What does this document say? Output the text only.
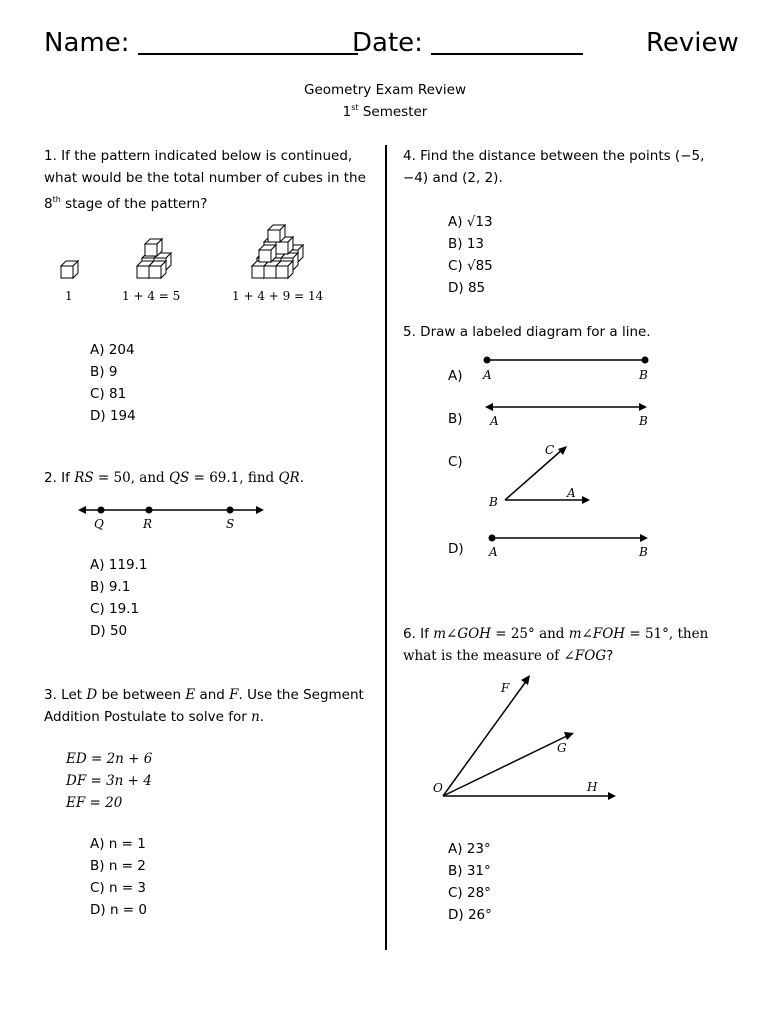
Name:	Date:	Review
Geometry Exam Review
1st Semester
1. If the pattern indicated below is continued, what would be the total number of cubes in the 8th stage of the pattern?
1	1 + 4 = 5	1 + 4 + 9 = 14
A) 204
B) 9
C) 81
D) 194
2. If RS = 50, and QS = 69.1, find QR.
Q	R	S
A) 119.1
B) 9.1
C) 19.1
D) 50
3. Let D be between E and F. Use the Segment Addition Postulate to solve for n.
ED = 2n + 6
DF = 3n + 4
EF = 20
A) n = 1
B) n = 2
C) n = 3
D) n = 0
4. Find the distance between the points (−5, −4) and (2, 2).
A) √13
B) 13
C) √85
D) 85
5. Draw a labeled diagram for a line.
A)
B)
C)
D)
A	B
A	B
C
B
A
A	B
6. If m∠GOH = 25° and m∠FOH = 51°, then what is the measure of ∠FOG?
F
G
O	H
A) 23°
B) 31°
C) 28°
D) 26°
